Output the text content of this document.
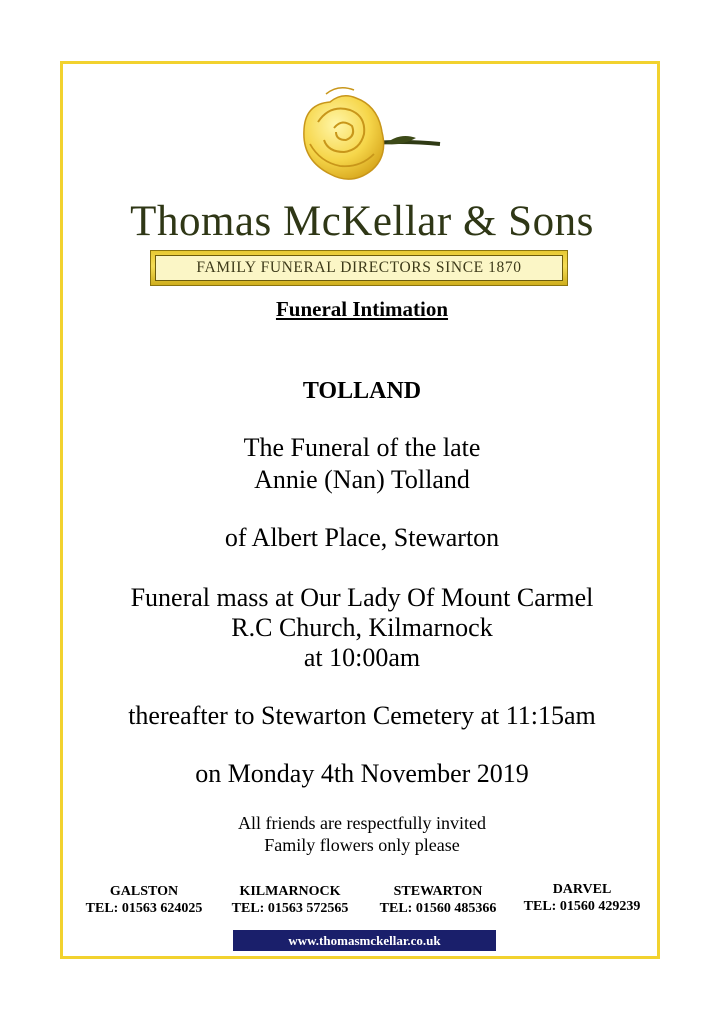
Thomas McKellar & Sons
FAMILY FUNERAL DIRECTORS SINCE 1870

Funeral Intimation

TOLLAND

The Funeral of the late

Annie (Nan) Tolland

of Albert Place, Stewarton

Funeral mass at Our Lady Of Mount Carmel

R.C Church, Kilmarnock

at 10:00am

thereafter to Stewarton Cemetery at 11:15am

on Monday 4th November 2019

All friends are respectfully invited

Family flowers only please

GALSTON
TEL: 01563 624025
KILMARNOCK
TEL: 01563 572565
STEWARTON
TEL: 01560 485366
DARVEL
TEL: 01560 429239
www.thomasmckellar.co.uk
